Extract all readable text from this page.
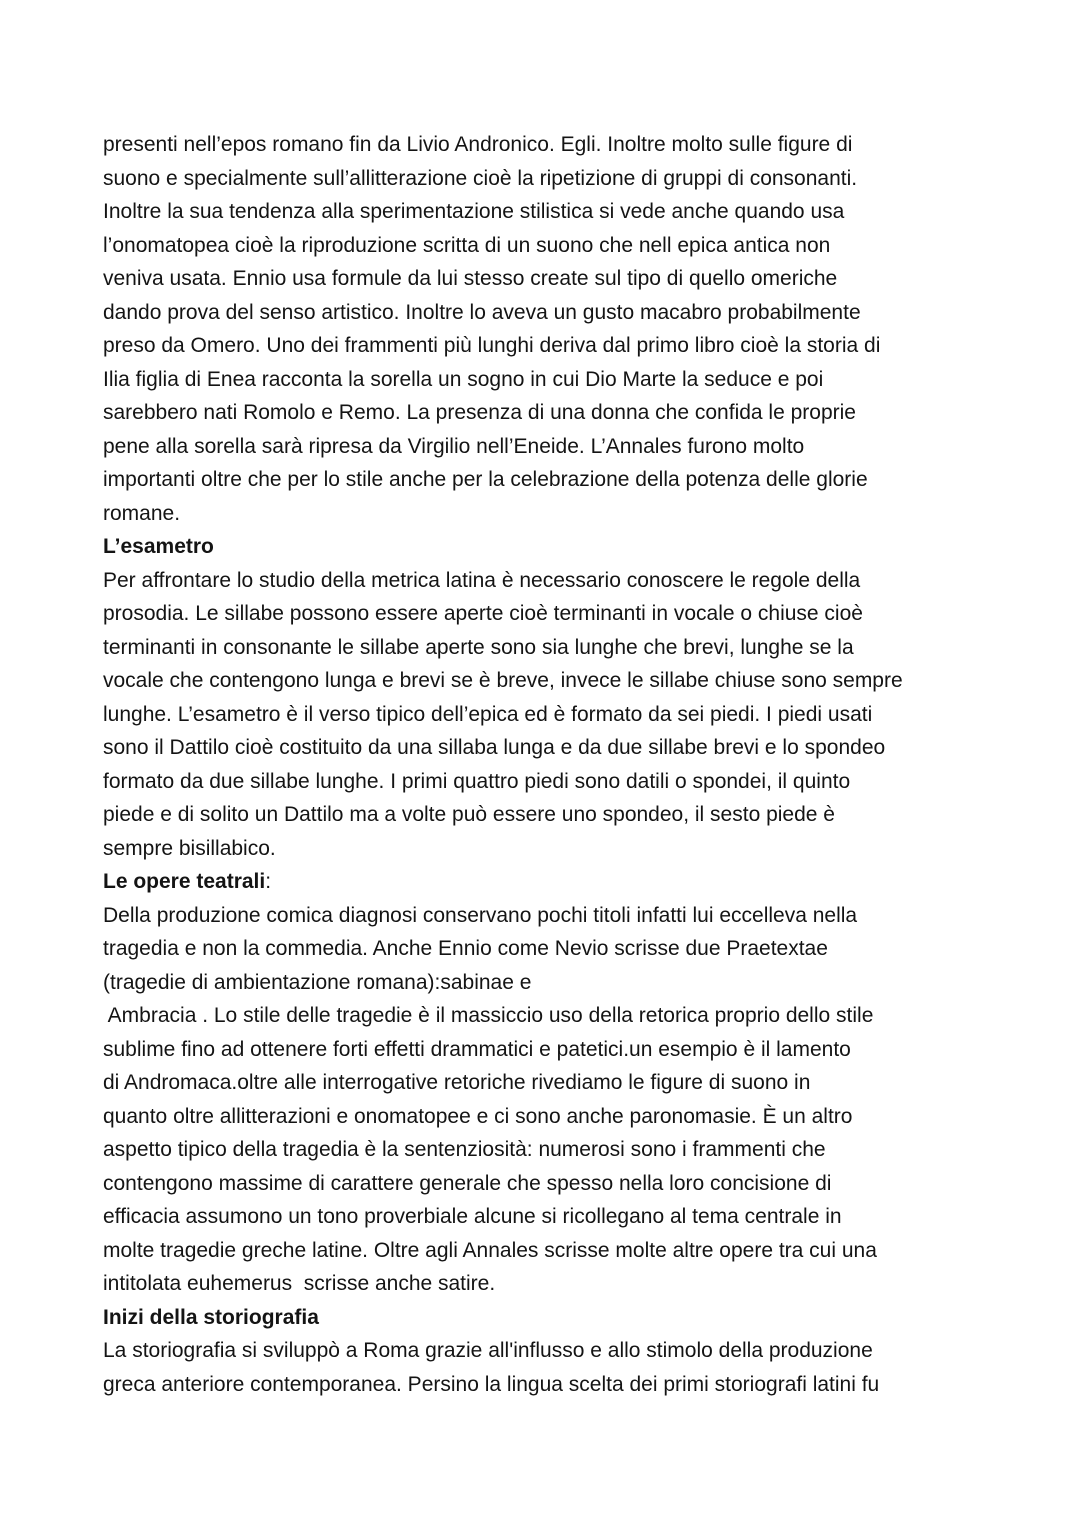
presenti nell’epos romano fin da Livio Andronico. Egli. Inoltre molto sulle figure di
suono e specialmente sull’allitterazione cioè la ripetizione di gruppi di consonanti.
Inoltre la sua tendenza alla sperimentazione stilistica si vede anche quando usa
l’onomatopea cioè la riproduzione scritta di un suono che nell epica antica non
veniva usata. Ennio usa formule da lui stesso create sul tipo di quello omeriche
dando prova del senso artistico. Inoltre lo aveva un gusto macabro probabilmente
preso da Omero. Uno dei frammenti più lunghi deriva dal primo libro cioè la storia di
Ilia figlia di Enea racconta la sorella un sogno in cui Dio Marte la seduce e poi
sarebbero nati Romolo e Remo. La presenza di una donna che confida le proprie
pene alla sorella sarà ripresa da Virgilio nell’Eneide. L’Annales furono molto
importanti oltre che per lo stile anche per la celebrazione della potenza delle glorie
romane.
L’esametro
Per affrontare lo studio della metrica latina è necessario conoscere le regole della
prosodia. Le sillabe possono essere aperte cioè terminanti in vocale o chiuse cioè
terminanti in consonante le sillabe aperte sono sia lunghe che brevi, lunghe se la
vocale che contengono lunga e brevi se è breve, invece le sillabe chiuse sono sempre
lunghe. L’esametro è il verso tipico dell’epica ed è formato da sei piedi. I piedi usati
sono il Dattilo cioè costituito da una sillaba lunga e da due sillabe brevi e lo spondeo
formato da due sillabe lunghe. I primi quattro piedi sono datili o spondei, il quinto
piede e di solito un Dattilo ma a volte può essere uno spondeo, il sesto piede è
sempre bisillabico.
Le opere teatrali:
Della produzione comica diagnosi conservano pochi titoli infatti lui eccelleva nella
tragedia e non la commedia. Anche Ennio come Nevio scrisse due Praetextae
(tragedie di ambientazione romana):sabinae e
Ambracia . Lo stile delle tragedie è il massiccio uso della retorica proprio dello stile
sublime fino ad ottenere forti effetti drammatici e patetici.un esempio è il lamento
di Andromaca.oltre alle interrogative retoriche rivediamo le figure di suono in
quanto oltre allitterazioni e onomatopee e ci sono anche paronomasie. È un altro
aspetto tipico della tragedia è la sentenziosità: numerosi sono i frammenti che
contengono massime di carattere generale che spesso nella loro concisione di
efficacia assumono un tono proverbiale alcune si ricollegano al tema centrale in
molte tragedie greche latine. Oltre agli Annales scrisse molte altre opere tra cui una
intitolata euhemerus  scrisse anche satire.
Inizi della storiografia
La storiografia si sviluppò a Roma grazie all'influsso e allo stimolo della produzione
greca anteriore contemporanea. Persino la lingua scelta dei primi storiografi latini fu
